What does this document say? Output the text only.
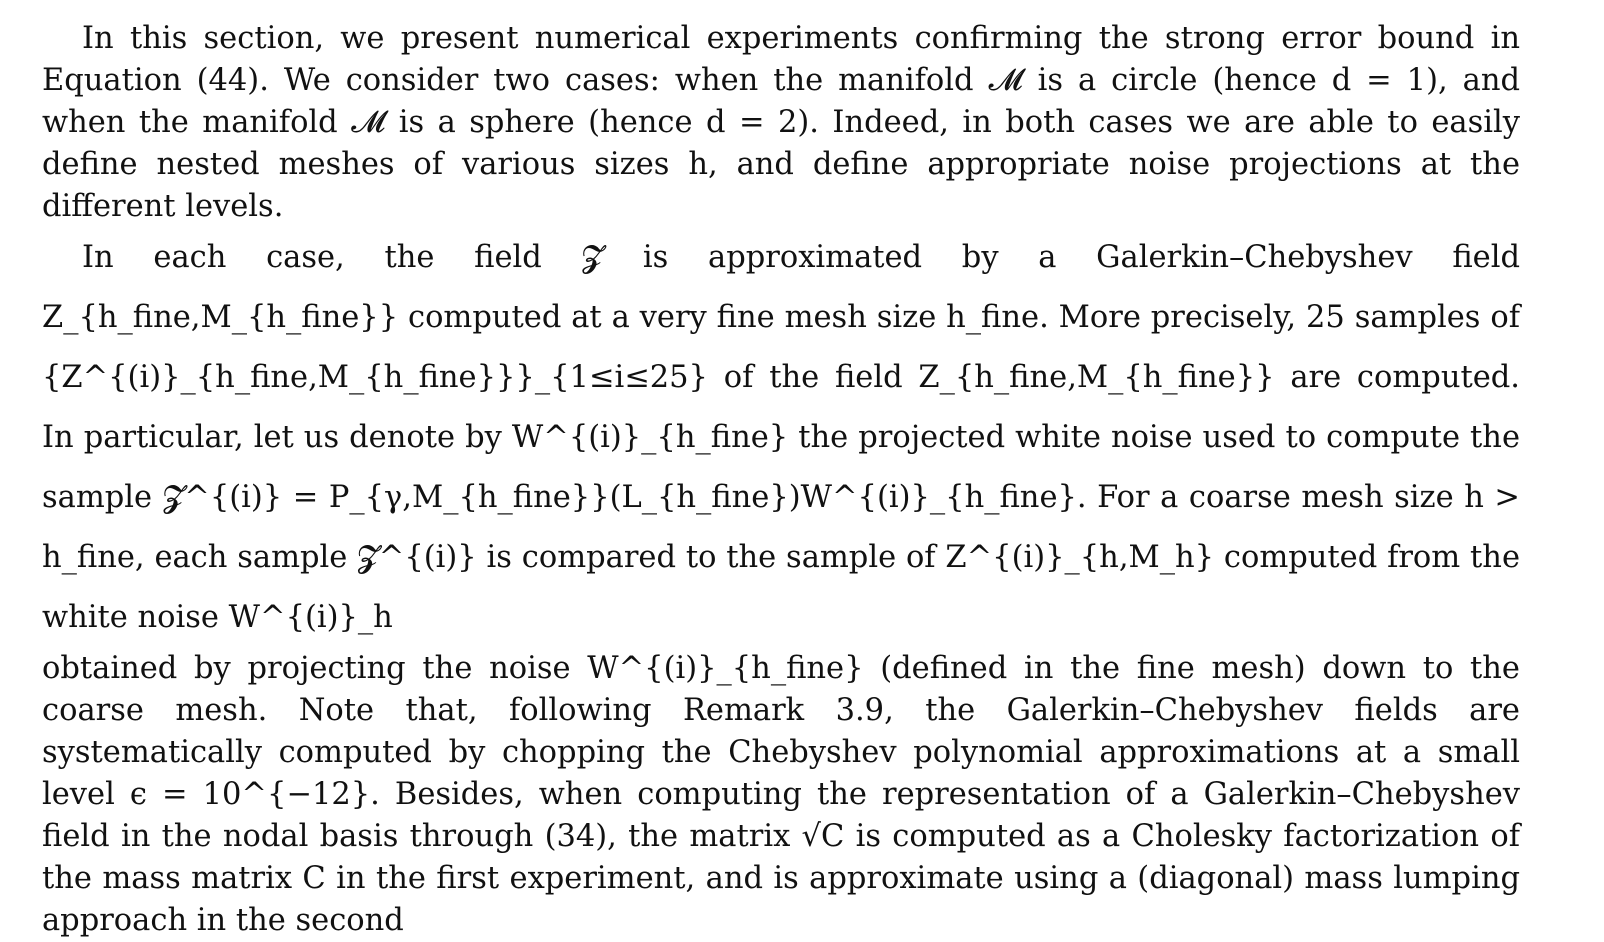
In this section, we present numerical experiments confirming the strong error bound in Equation (44). We consider two cases: when the manifold 𝓜 is a circle (hence d = 1), and when the manifold 𝓜 is a sphere (hence d = 2). Indeed, in both cases we are able to easily define nested meshes of various sizes h, and define appropriate noise projections at the different levels.

In each case, the field 𝓩 is approximated by a Galerkin–Chebyshev field Z_{h_fine,M_{h_fine}} computed at a very fine mesh size h_fine. More precisely, 25 samples of {Z^{(i)}_{h_fine,M_{h_fine}}}_{1≤i≤25} of the field Z_{h_fine,M_{h_fine}} are computed. In particular, let us denote by W^{(i)}_{h_fine} the projected white noise used to compute the sample 𝓩^{(i)} = P_{γ,M_{h_fine}}(L_{h_fine})W^{(i)}_{h_fine}. For a coarse mesh size h > h_fine, each sample 𝓩^{(i)} is compared to the sample of Z^{(i)}_{h,M_h} computed from the white noise W^{(i)}_h

obtained by projecting the noise W^{(i)}_{h_fine} (defined in the fine mesh) down to the coarse mesh. Note that, following Remark 3.9, the Galerkin–Chebyshev fields are systematically computed by chopping the Chebyshev polynomial approximations at a small level ϵ = 10^{−12}. Besides, when computing the representation of a Galerkin–Chebyshev field in the nodal basis through (34), the matrix √C is computed as a Cholesky factorization of the mass matrix C in the first experiment, and is approximate using a (diagonal) mass lumping approach in the second
